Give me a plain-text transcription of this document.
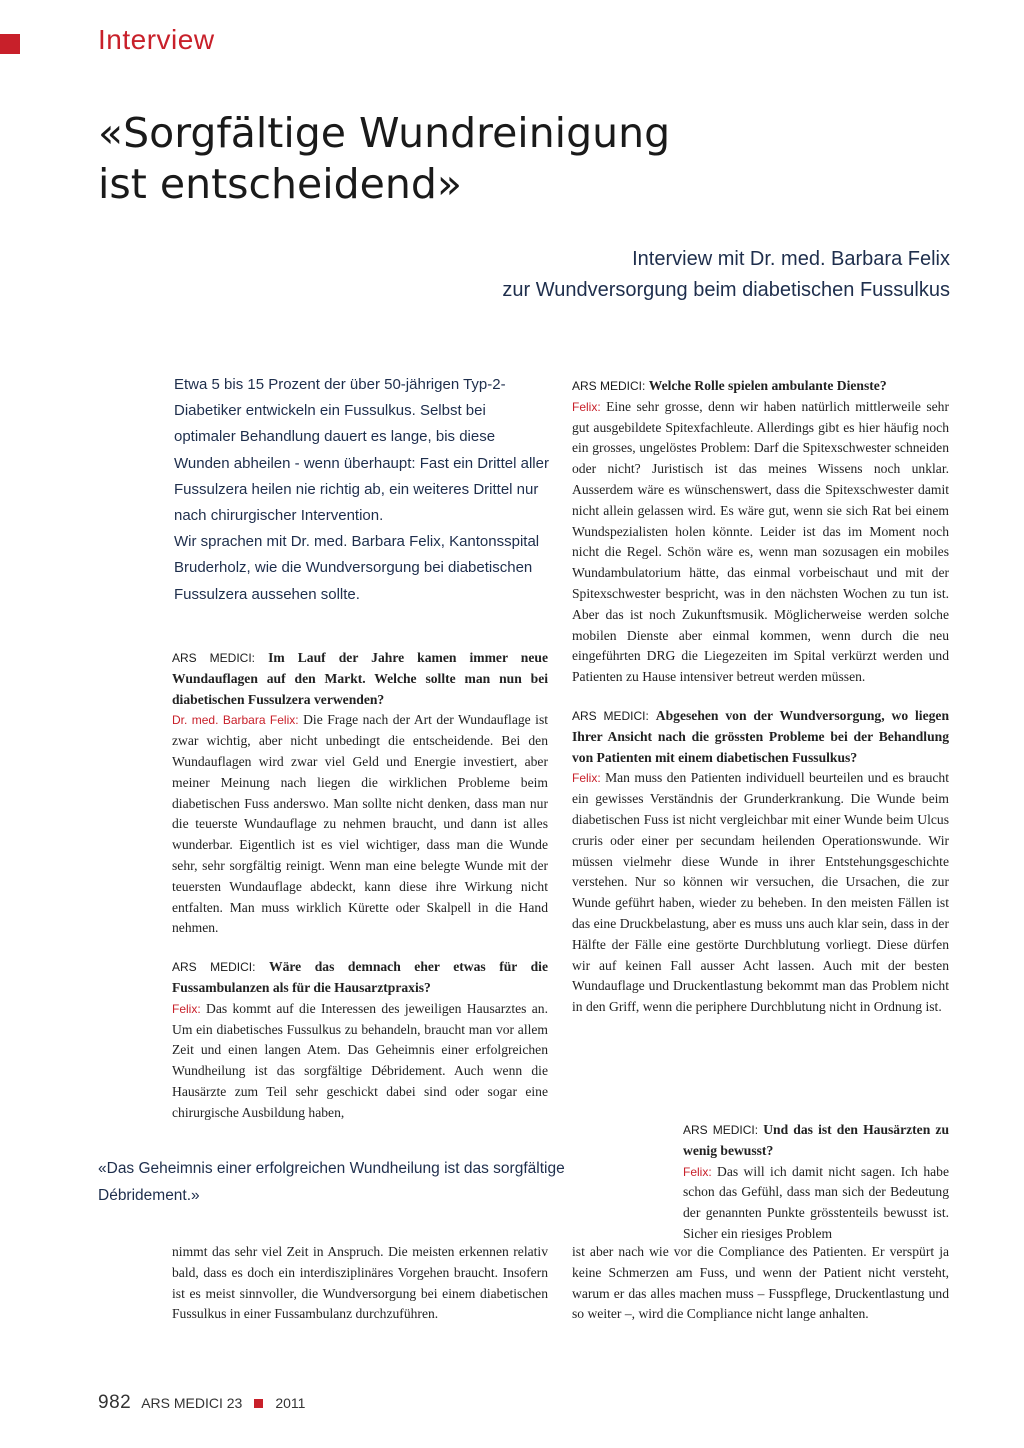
Interview
«Sorgfältige Wundreinigung
ist entscheidend»
Interview mit Dr. med. Barbara Felix
zur Wundversorgung beim diabetischen Fussulkus

Etwa 5 bis 15 Prozent der über 50-jährigen Typ-2-Diabetiker entwickeln ein Fussulkus. Selbst bei optimaler Behandlung dauert es lange, bis diese Wunden abheilen - wenn überhaupt: Fast ein Drittel aller Fussulzera heilen nie richtig ab, ein weiteres Drittel nur nach chirurgischer Intervention.

Wir sprachen mit Dr. med. Barbara Felix, Kantonsspital Bruderholz, wie die Wundversorgung bei diabetischen Fussulzera aussehen sollte.

ARS MEDICI: Im Lauf der Jahre kamen immer neue Wundauflagen auf den Markt. Welche sollte man nun bei diabetischen Fussulzera verwenden?
Dr. med. Barbara Felix: Die Frage nach der Art der Wundauflage ist zwar wichtig, aber nicht unbedingt die entscheidende. Bei den Wundauflagen wird zwar viel Geld und Energie investiert, aber meiner Meinung nach liegen die wirklichen Probleme beim diabetischen Fuss anderswo. Man sollte nicht denken, dass man nur die teuerste Wundauflage zu nehmen braucht, und dann ist alles wunderbar. Eigentlich ist es viel wichtiger, dass man die Wunde sehr, sehr sorgfältig reinigt. Wenn man eine belegte Wunde mit der teuersten Wundauflage abdeckt, kann diese ihre Wirkung nicht entfalten. Man muss wirklich Kürette oder Skalpell in die Hand nehmen.

ARS MEDICI: Wäre das demnach eher etwas für die Fussambulanzen als für die Hausarztpraxis?
Felix: Das kommt auf die Interessen des jeweiligen Hausarztes an. Um ein diabetisches Fussulkus zu behandeln, braucht man vor allem Zeit und einen langen Atem. Das Geheimnis einer erfolgreichen Wundheilung ist das sorgfältige Débridement. Auch wenn die Hausärzte zum Teil sehr geschickt dabei sind oder sogar eine chirurgische Ausbildung haben,

«Das Geheimnis einer erfolgreichen Wundheilung ist das sorgfältige Débridement.»

nimmt das sehr viel Zeit in Anspruch. Die meisten erkennen relativ bald, dass es doch ein interdisziplinäres Vorgehen braucht. Insofern ist es meist sinnvoller, die Wundversorgung bei einem diabetischen Fussulkus in einer Fussambulanz durchzuführen.

ARS MEDICI: Welche Rolle spielen ambulante Dienste?
Felix: Eine sehr grosse, denn wir haben natürlich mittlerweile sehr gut ausgebildete Spitexfachleute. Allerdings gibt es hier häufig noch ein grosses, ungelöstes Problem: Darf die Spitexschwester schneiden oder nicht? Juristisch ist das meines Wissens noch unklar. Ausserdem wäre es wünschenswert, dass die Spitexschwester damit nicht allein gelassen wird. Es wäre gut, wenn sie sich Rat bei einem Wundspezialisten holen könnte. Leider ist das im Moment noch nicht die Regel. Schön wäre es, wenn man sozusagen ein mobiles Wundambulatorium hätte, das einmal vorbeischaut und mit der Spitexschwester bespricht, was in den nächsten Wochen zu tun ist. Aber das ist noch Zukunftsmusik. Möglicherweise werden solche mobilen Dienste aber einmal kommen, wenn durch die neu eingeführten DRG die Liegezeiten im Spital verkürzt werden und Patienten zu Hause intensiver betreut werden müssen.

ARS MEDICI: Abgesehen von der Wundversorgung, wo liegen Ihrer Ansicht nach die grössten Probleme bei der Behandlung von Patienten mit einem diabetischen Fussulkus?
Felix: Man muss den Patienten individuell beurteilen und es braucht ein gewisses Verständnis der Grunderkrankung. Die Wunde beim diabetischen Fuss ist nicht vergleichbar mit einer Wunde beim Ulcus cruris oder einer per secundam heilenden Operationswunde. Wir müssen vielmehr diese Wunde in ihrer Entstehungsgeschichte verstehen. Nur so können wir versuchen, die Ursachen, die zur Wunde geführt haben, wieder zu beheben. In den meisten Fällen ist das eine Druckbelastung, aber es muss uns auch klar sein, dass in der Hälfte der Fälle eine gestörte Durchblutung vorliegt. Diese dürfen wir auf keinen Fall ausser Acht lassen. Auch mit der besten Wundauflage und Druckentlastung bekommt man das Problem nicht in den Griff, wenn die periphere Durchblutung nicht in Ordnung ist.

ARS MEDICI: Und das ist den Hausärzten zu wenig bewusst?
Felix: Das will ich damit nicht sagen. Ich habe schon das Gefühl, dass man sich der Bedeutung der genannten Punkte grösstenteils bewusst ist. Sicher ein riesiges Problem

ist aber nach wie vor die Compliance des Patienten. Er verspürt ja keine Schmerzen am Fuss, und wenn der Patient nicht versteht, warum er das alles machen muss – Fusspflege, Druckentlastung und so weiter –, wird die Compliance nicht lange anhalten.

982 ARS MEDICI 23 2011
